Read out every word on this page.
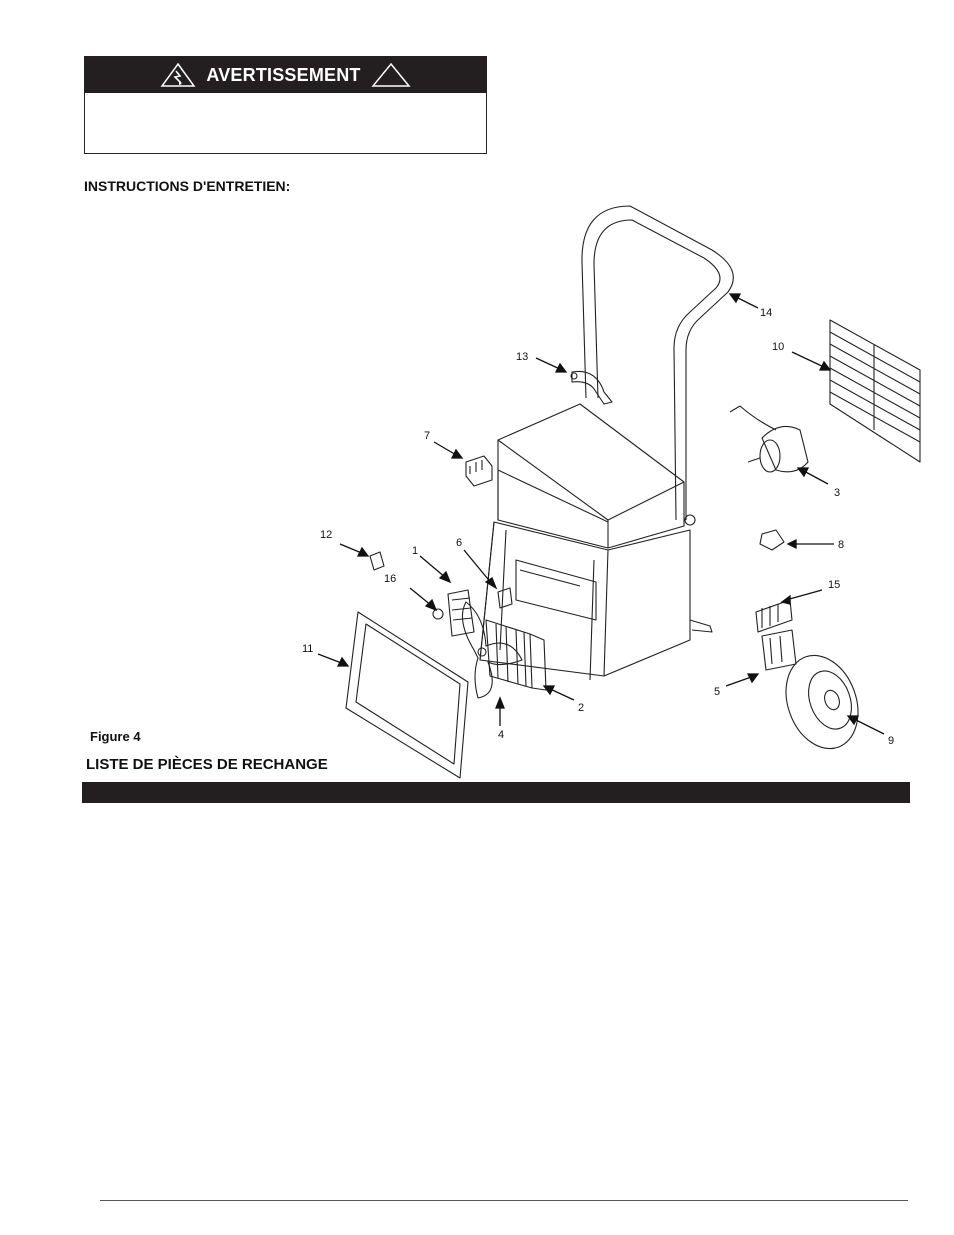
AVERTISSEMENT
INSTRUCTIONS D'ENTRETIEN:
1
2
3
4
5
6
7
8
9
10
11
12
13
14
15
16
Figure 4
LISTE DE PIÈCES DE RECHANGE
